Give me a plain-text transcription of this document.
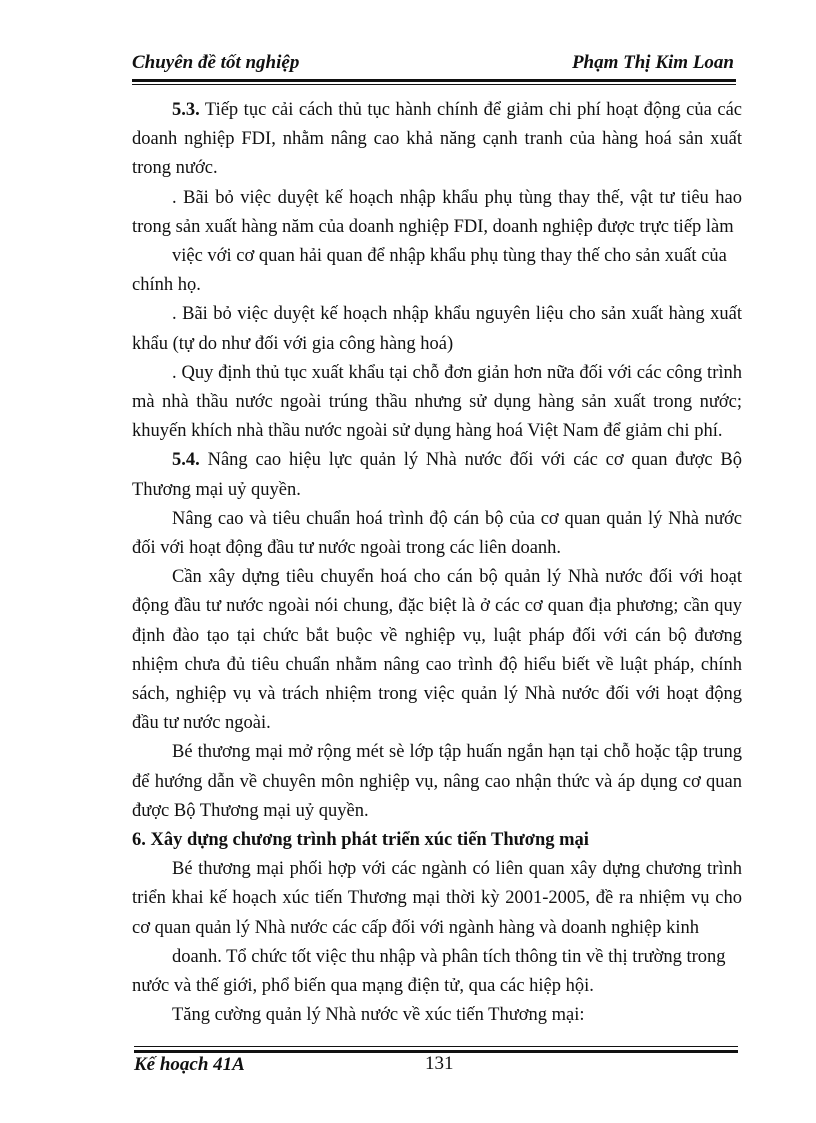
Chuyên đề tốt nghiệp	Phạm Thị Kim Loan

5.3. Tiếp tục cải cách thủ tục hành chính để giảm chi phí hoạt động của các doanh nghiệp FDI, nhằm nâng cao khả năng cạnh tranh của hàng hoá sản xuất trong nước.

. Bãi bỏ việc duyệt kế hoạch nhập khẩu phụ tùng thay thế, vật tư tiêu hao trong sản xuất hàng năm của doanh nghiệp FDI, doanh nghiệp được trực tiếp làm

việc với cơ quan hải quan để nhập khẩu phụ tùng thay thế cho sản xuất của

chính họ.

. Bãi bỏ việc duyệt kế hoạch nhập khẩu nguyên liệu cho sản xuất hàng xuất khẩu (tự do như đối với gia công hàng hoá)

. Quy định thủ tục xuất khẩu tại chỗ đơn giản hơn nữa đối với các công trình mà nhà thầu nước ngoài trúng thầu nhưng sử dụng hàng sản xuất trong nước; khuyến khích nhà thầu nước ngoài sử dụng hàng hoá Việt Nam để giảm chi phí.

5.4. Nâng cao hiệu lực quản lý Nhà nước đối với các cơ quan được Bộ Thương mại uỷ quyền.

Nâng cao và tiêu chuẩn hoá trình độ cán bộ của cơ quan quản lý Nhà nước đối với hoạt động đầu tư nước ngoài trong các liên doanh.

Cần xây dựng tiêu chuyển hoá cho cán bộ quản lý Nhà nước đối với hoạt động đầu tư nước ngoài nói chung, đặc biệt là ở các cơ quan địa phương; cần quy định đào tạo tại chức bắt buộc về nghiệp vụ, luật pháp đối với cán bộ đương nhiệm chưa đủ tiêu chuẩn nhằm nâng cao trình độ hiểu biết về luật pháp, chính sách, nghiệp vụ và trách nhiệm trong việc quản lý Nhà nước đối với hoạt động đầu tư nước ngoài.

Bé thương mại mở rộng mét sè lớp tập huấn ngắn hạn tại chỗ hoặc tập trung để hướng dẫn về chuyên môn nghiệp vụ, nâng cao nhận thức và áp dụng cơ quan được Bộ Thương mại uỷ quyền.

6. Xây dựng chương trình phát triển xúc tiến Thương mại

Bé thương mại phối hợp với các ngành có liên quan xây dựng chương trình triển khai kế hoạch xúc tiến Thương mại thời kỳ 2001-2005, đề ra nhiệm vụ cho cơ quan quản lý Nhà nước các cấp đối với ngành hàng và doanh nghiệp kinh

doanh. Tổ chức tốt việc thu nhập và phân tích thông tin về thị trường trong

nước và thế giới, phổ biến qua mạng điện tử, qua các hiệp hội.

Tăng cường quản lý Nhà nước về xúc tiến Thương mại:

Kế hoạch 41A	131
